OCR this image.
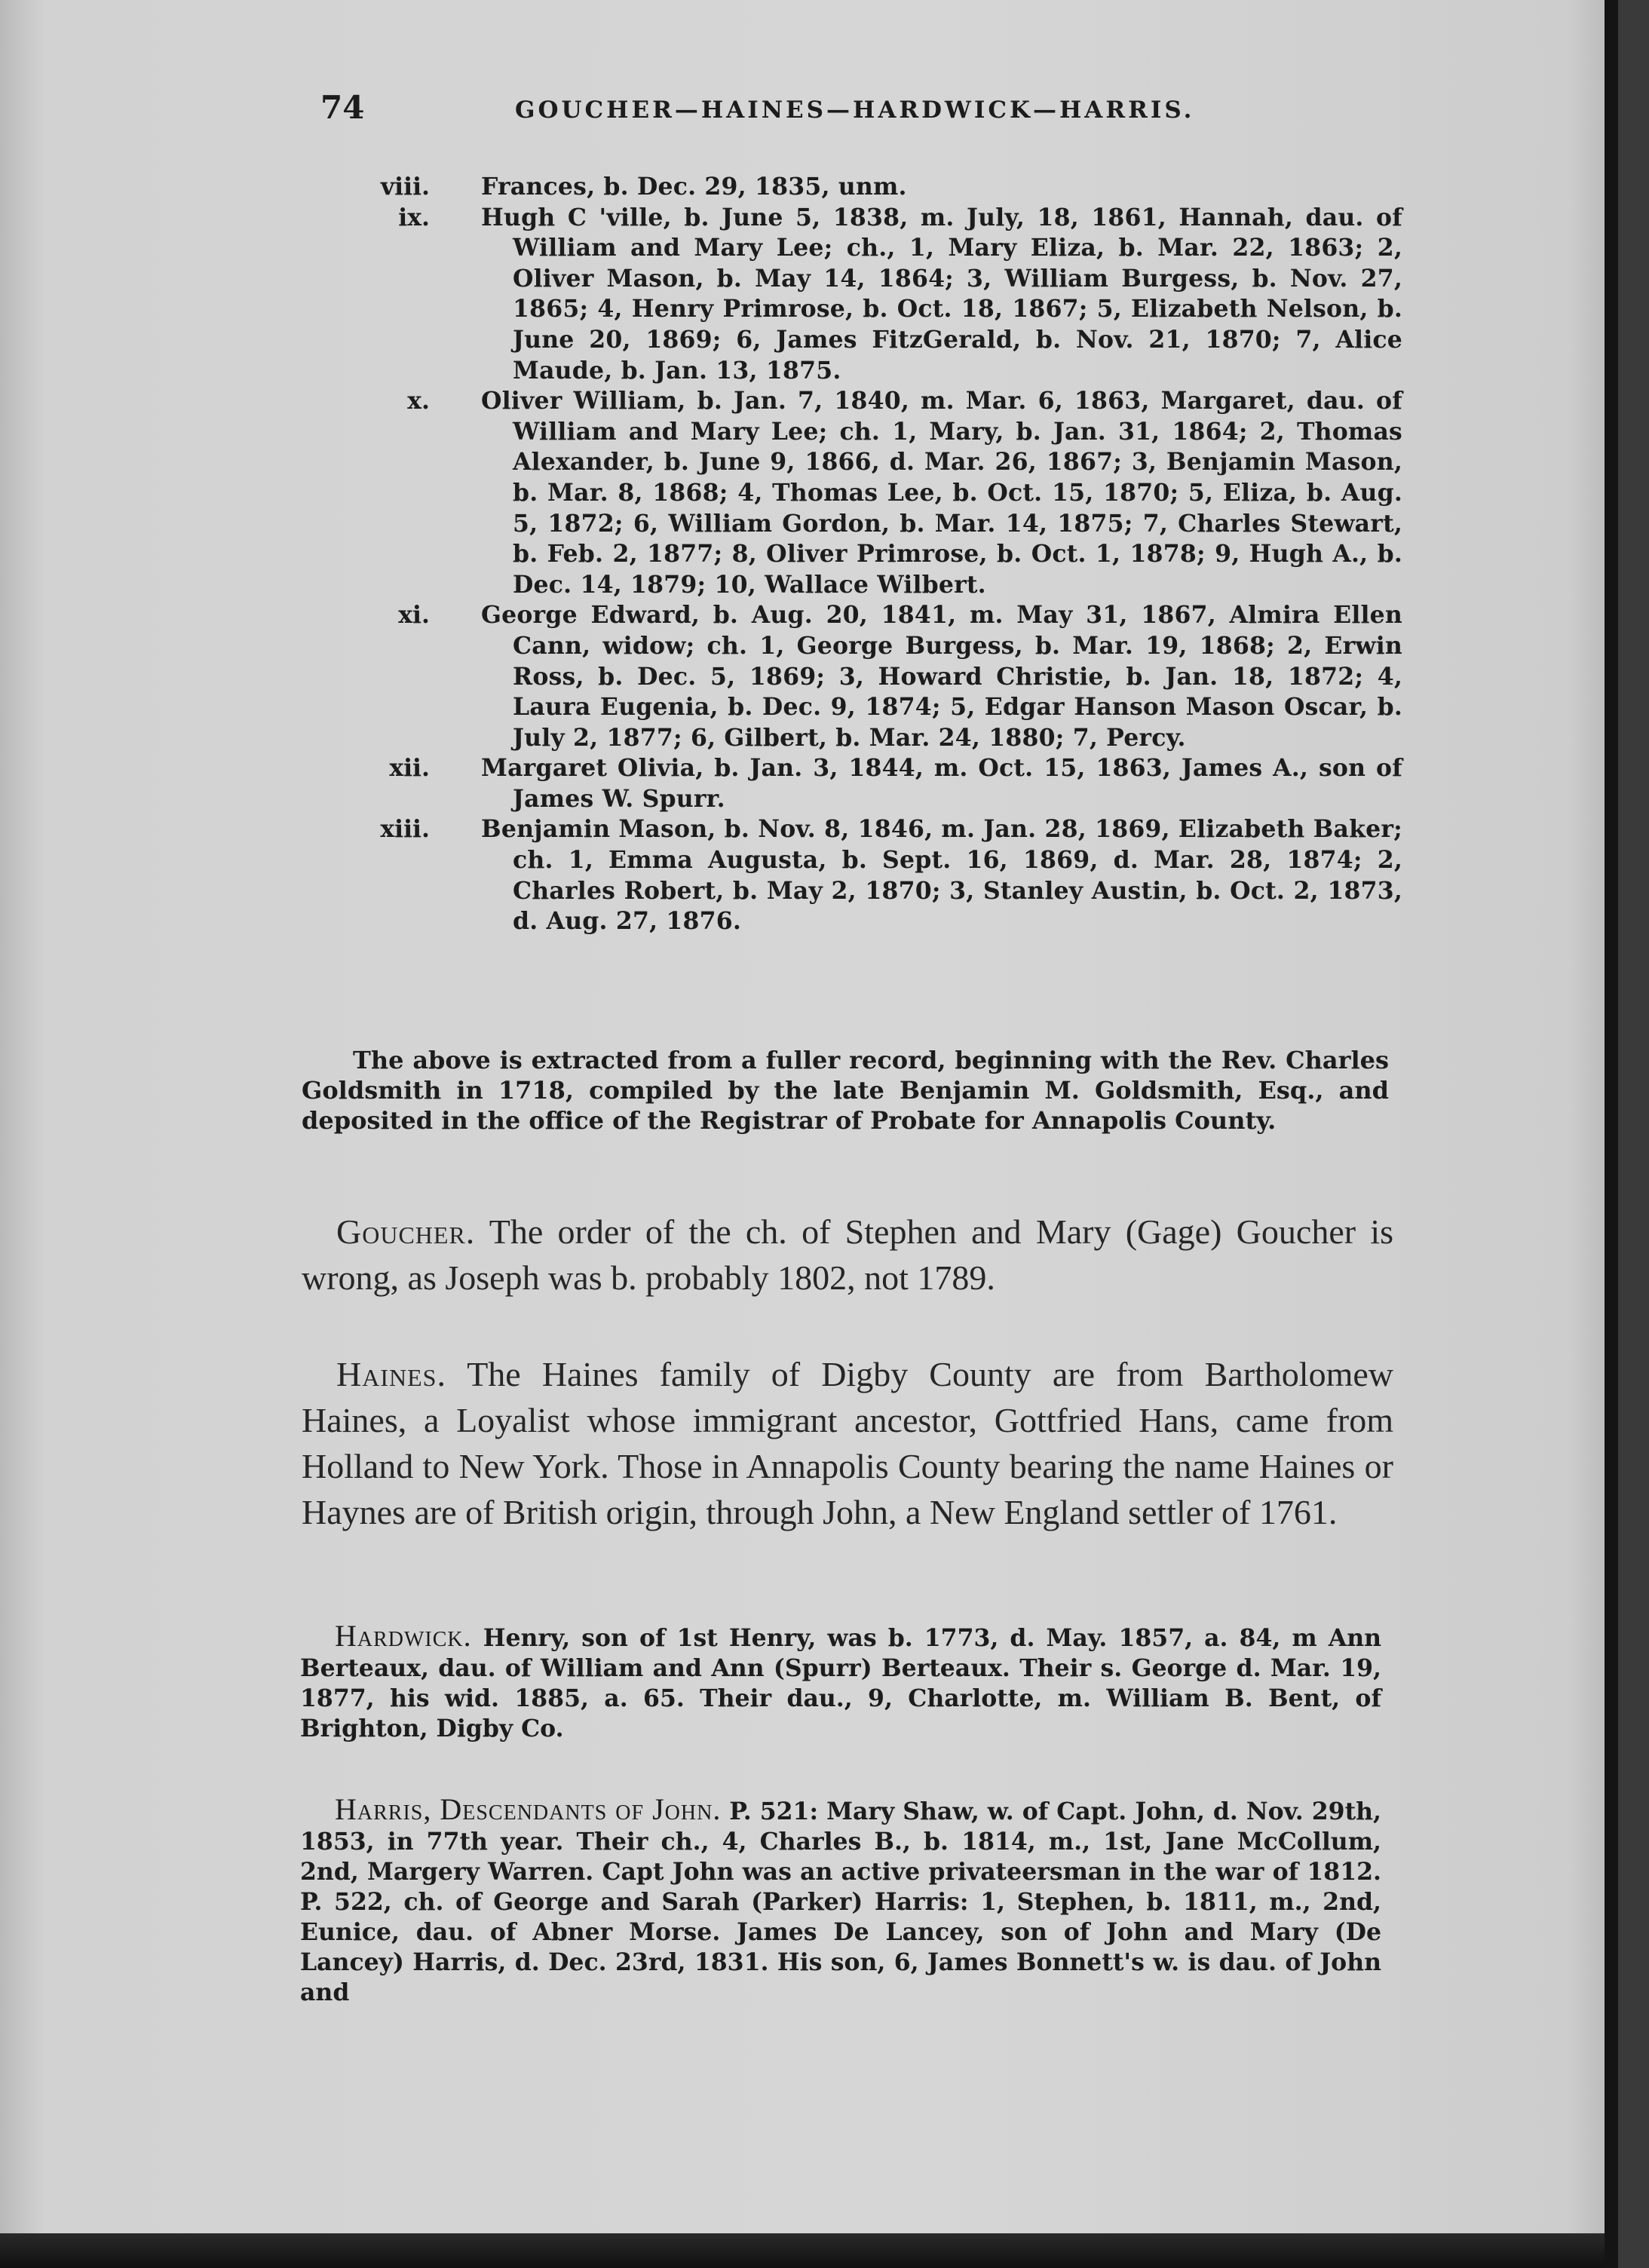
74	GOUCHER—HAINES—HARDWICK—HARRIS.
viii. Frances, b. Dec. 29, 1835, unm.
ix. Hugh C 'ville, b. June 5, 1838, m. July, 18, 1861, Hannah, dau. of William and Mary Lee; ch., 1, Mary Eliza, b. Mar. 22, 1863; 2, Oliver Mason, b. May 14, 1864; 3, William Burgess, b. Nov. 27, 1865; 4, Henry Primrose, b. Oct. 18, 1867; 5, Elizabeth Nelson, b. June 20, 1869; 6, James FitzGerald, b. Nov. 21, 1870; 7, Alice Maude, b. Jan. 13, 1875.
x. Oliver William, b. Jan. 7, 1840, m. Mar. 6, 1863, Margaret, dau. of William and Mary Lee; ch. 1, Mary, b. Jan. 31, 1864; 2, Thomas Alexander, b. June 9, 1866, d. Mar. 26, 1867; 3, Benjamin Mason, b. Mar. 8, 1868; 4, Thomas Lee, b. Oct. 15, 1870; 5, Eliza, b. Aug. 5, 1872; 6, William Gordon, b. Mar. 14, 1875; 7, Charles Stewart, b. Feb. 2, 1877; 8, Oliver Primrose, b. Oct. 1, 1878; 9, Hugh A., b. Dec. 14, 1879; 10, Wallace Wilbert.
xi. George Edward, b. Aug. 20, 1841, m. May 31, 1867, Almira Ellen Cann, widow; ch. 1, George Burgess, b. Mar. 19, 1868; 2, Erwin Ross, b. Dec. 5, 1869; 3, Howard Christie, b. Jan. 18, 1872; 4, Laura Eugenia, b. Dec. 9, 1874; 5, Edgar Hanson Mason Oscar, b. July 2, 1877; 6, Gilbert, b. Mar. 24, 1880; 7, Percy.
xii. Margaret Olivia, b. Jan. 3, 1844, m. Oct. 15, 1863, James A., son of James W. Spurr.
xiii. Benjamin Mason, b. Nov. 8, 1846, m. Jan. 28, 1869, Elizabeth Baker; ch. 1, Emma Augusta, b. Sept. 16, 1869, d. Mar. 28, 1874; 2, Charles Robert, b. May 2, 1870; 3, Stanley Austin, b. Oct. 2, 1873, d. Aug. 27, 1876.
The above is extracted from a fuller record, beginning with the Rev. Charles Goldsmith in 1718, compiled by the late Benjamin M. Goldsmith, Esq., and deposited in the office of the Registrar of Probate for Annapolis County.
Goucher. The order of the ch. of Stephen and Mary (Gage) Goucher is wrong, as Joseph was b. probably 1802, not 1789.
Haines. The Haines family of Digby County are from Bartholomew Haines, a Loyalist whose immigrant ancestor, Gottfried Hans, came from Holland to New York. Those in Annapolis County bearing the name Haines or Haynes are of British origin, through John, a New England settler of 1761.
Hardwick. Henry, son of 1st Henry, was b. 1773, d. May. 1857, a. 84, m Ann Berteaux, dau. of William and Ann (Spurr) Berteaux. Their s. George d. Mar. 19, 1877, his wid. 1885, a. 65. Their dau., 9, Charlotte, m. William B. Bent, of Brighton, Digby Co.
Harris, Descendants of John. P. 521: Mary Shaw, w. of Capt. John, d. Nov. 29th, 1853, in 77th year. Their ch., 4, Charles B., b. 1814, m., 1st, Jane McCollum, 2nd, Margery Warren. Capt John was an active privateersman in the war of 1812. P. 522, ch. of George and Sarah (Parker) Harris: 1, Stephen, b. 1811, m., 2nd, Eunice, dau. of Abner Morse. James De Lancey, son of John and Mary (De Lancey) Harris, d. Dec. 23rd, 1831. His son, 6, James Bonnett's w. is dau. of John and
